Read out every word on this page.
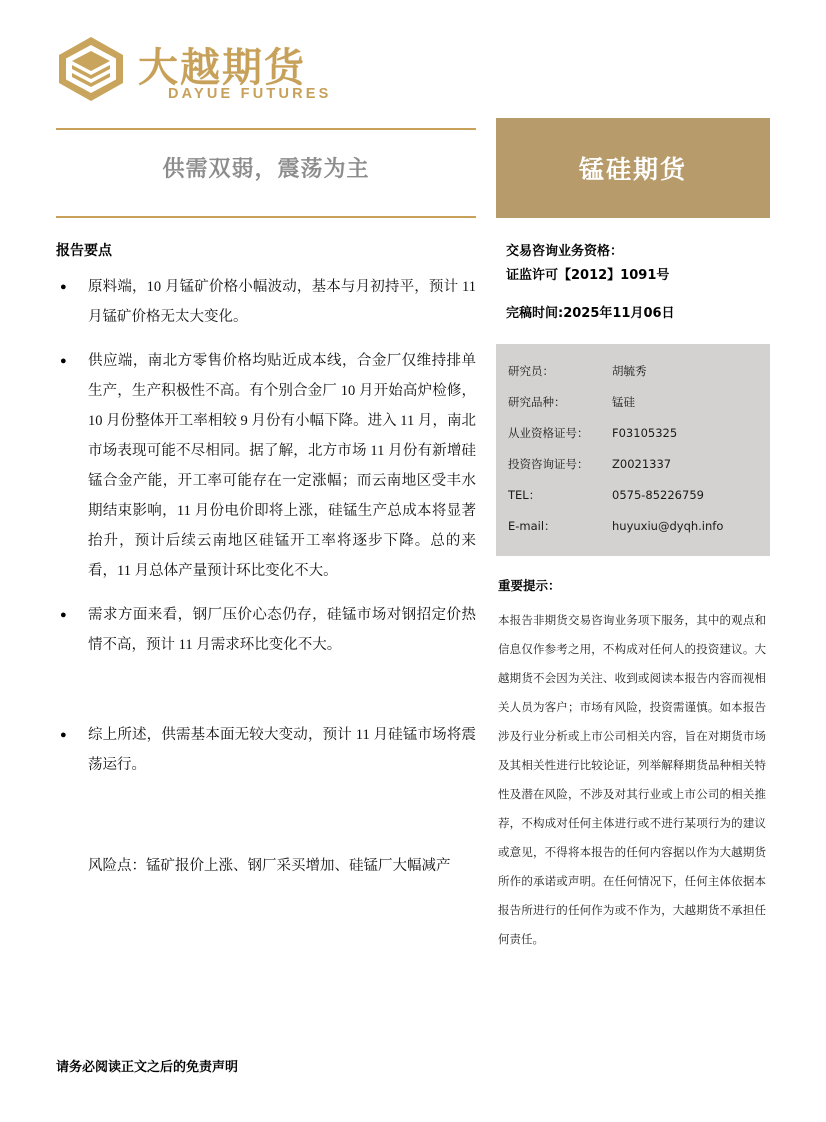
大越期货
DAYUE FUTURES
供需双弱，震荡为主	锰硅期货
报告要点
● 原料端，10 月锰矿价格小幅波动，基本与月初持平，预计 11 月锰矿价格无太大变化。
● 供应端，南北方零售价格均贴近成本线，合金厂仅维持排单生产，生产积极性不高。有个别合金厂 10 月开始高炉检修，10 月份整体开工率相较 9 月份有小幅下降。进入 11 月，南北市场表现可能不尽相同。据了解，北方市场 11 月份有新增硅锰合金产能，开工率可能存在一定涨幅；而云南地区受丰水期结束影响，11 月份电价即将上涨，硅锰生产总成本将显著抬升，预计后续云南地区硅锰开工率将逐步下降。总的来看，11 月总体产量预计环比变化不大。
● 需求方面来看，钢厂压价心态仍存，硅锰市场对钢招定价热情不高，预计 11 月需求环比变化不大。
● 综上所述，供需基本面无较大变动，预计 11 月硅锰市场将震荡运行。
风险点：锰矿报价上涨、钢厂采买增加、硅锰厂大幅减产
请务必阅读正文之后的免责声明
交易咨询业务资格：
证监许可【2012】1091号
完稿时间:2025年11月06日
研究员：	胡毓秀
研究品种：	锰硅
从业资格证号：	F03105325
投资咨询证号：	Z0021337
TEL：	0575-85226759
E-mail：	huyuxiu@dyqh.info
重要提示：
本报告非期货交易咨询业务项下服务，其中的观点和信息仅作参考之用，不构成对任何人的投资建议。大越期货不会因为关注、收到或阅读本报告内容而视相关人员为客户；市场有风险，投资需谨慎。如本报告涉及行业分析或上市公司相关内容，旨在对期货市场及其相关性进行比较论证，列举解释期货品种相关特性及潜在风险，不涉及对其行业或上市公司的相关推荐，不构成对任何主体进行或不进行某项行为的建议或意见，不得将本报告的任何内容据以作为大越期货所作的承诺或声明。在任何情况下，任何主体依据本报告所进行的任何作为或不作为，大越期货不承担任何责任。
